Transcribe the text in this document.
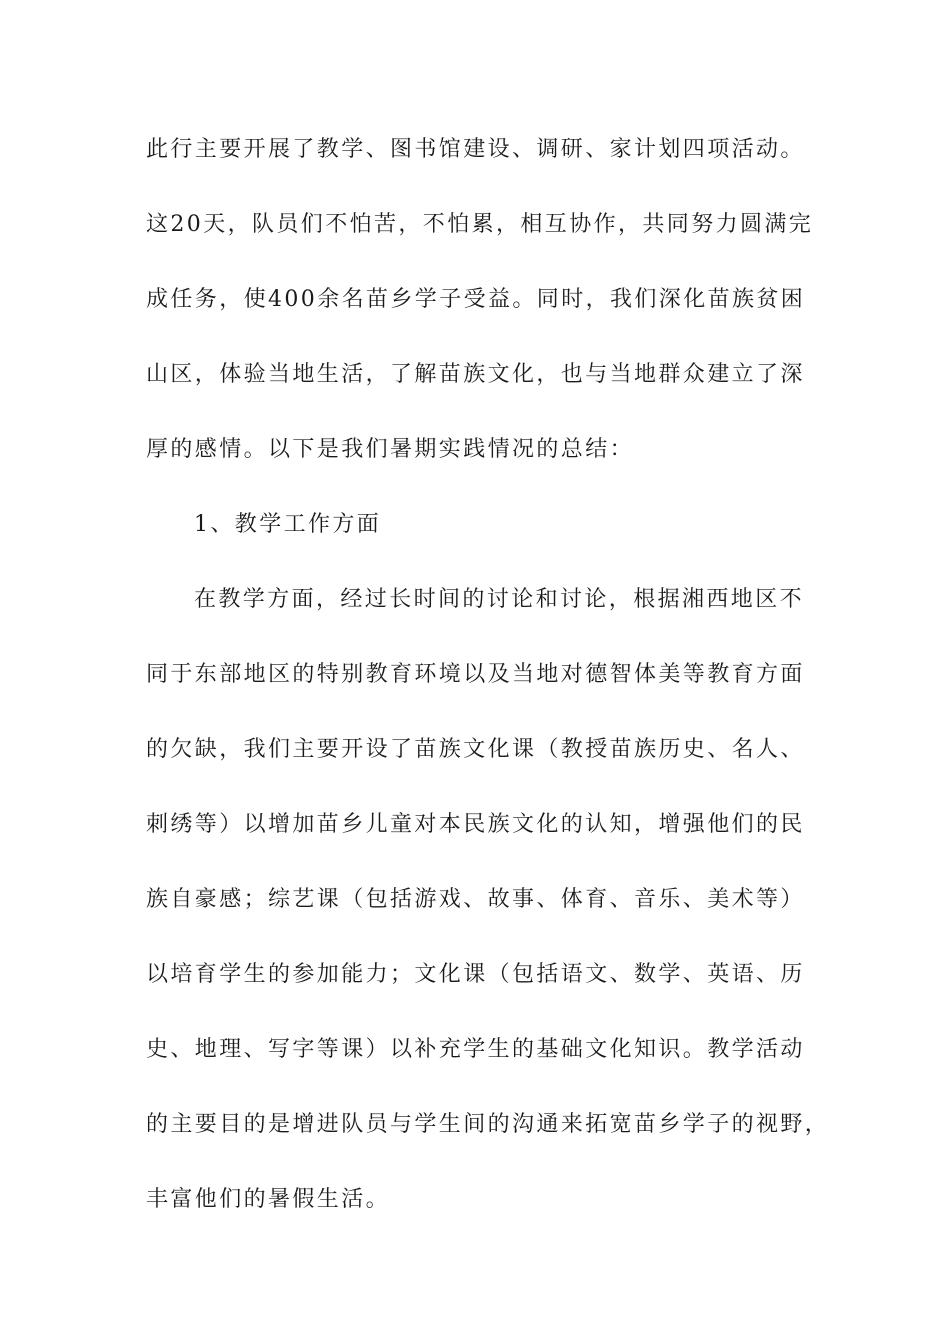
此行主要开展了教学、图书馆建设、调研、家计划四项活动。
这20天，队员们不怕苦，不怕累，相互协作，共同努力圆满完
成任务，使400余名苗乡学子受益。同时，我们深化苗族贫困
山区，体验当地生活，了解苗族文化，也与当地群众建立了深
厚的感情。以下是我们暑期实践情况的总结：
1、教学工作方面
在教学方面，经过长时间的讨论和讨论，根据湘西地区不
同于东部地区的特别教育环境以及当地对德智体美等教育方面
的欠缺，我们主要开设了苗族文化课（教授苗族历史、名人、
刺绣等）以增加苗乡儿童对本民族文化的认知，增强他们的民
族自豪感；综艺课（包括游戏、故事、体育、音乐、美术等）
以培育学生的参加能力；文化课（包括语文、数学、英语、历
史、地理、写字等课）以补充学生的基础文化知识。教学活动
的主要目的是增进队员与学生间的沟通来拓宽苗乡学子的视野，
丰富他们的暑假生活。
